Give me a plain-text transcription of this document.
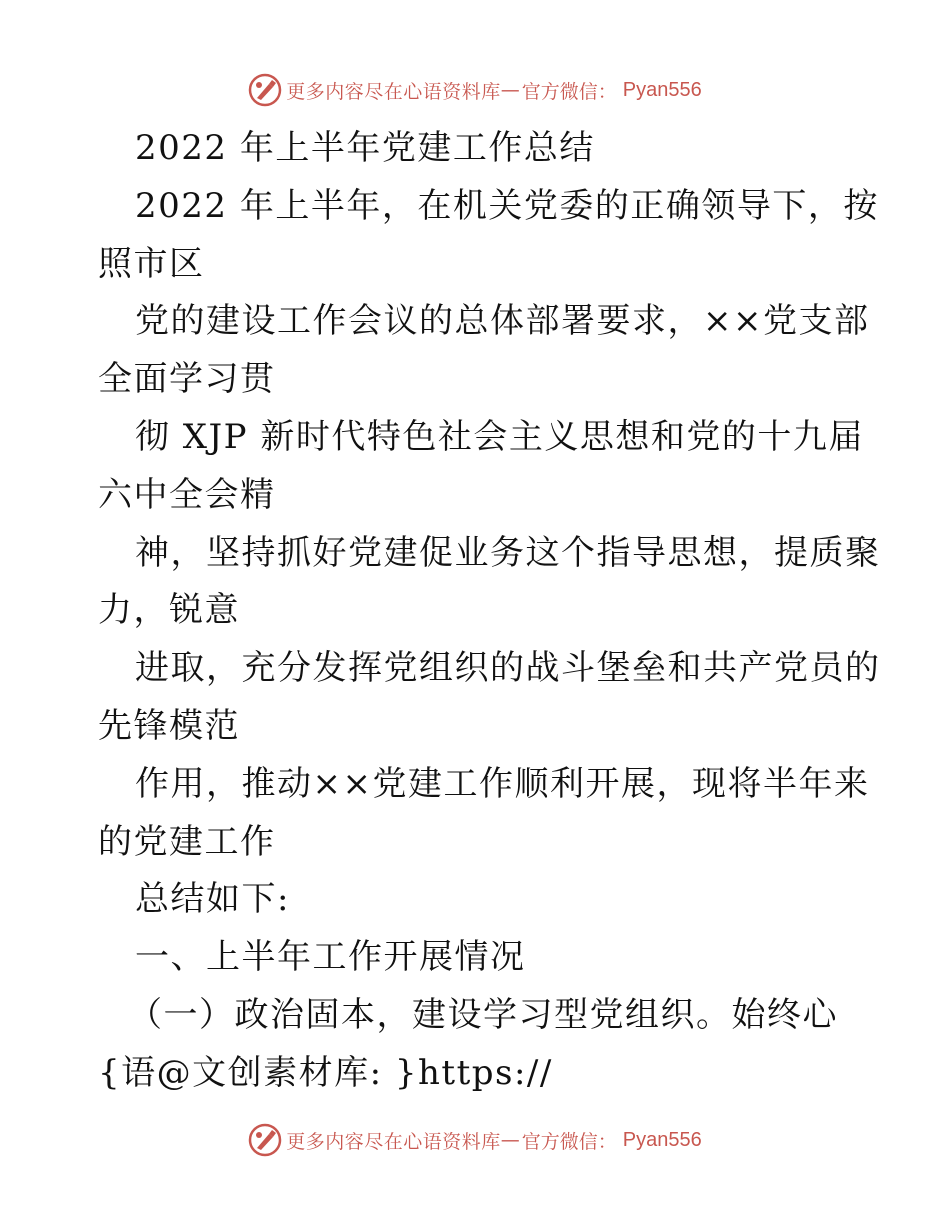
更多内容尽在心语资料库 — 官方微信： Pyan556
2022 年上半年党建工作总结
2022 年上半年，在机关党委的正确领导下，按
照市区
党的建设工作会议的总体部署要求，××党支部
全面学习贯
彻 XJP 新时代特色社会主义思想和党的十九届
六中全会精
神，坚持抓好党建促业务这个指导思想，提质聚
力，锐意
进取，充分发挥党组织的战斗堡垒和共产党员的
先锋模范
作用，推动××党建工作顺利开展，现将半年来
的党建工作
总结如下:
一、上半年工作开展情况
（一）政治固本，建设学习型党组织。始终心
{语@文创素材库: }https://
更多内容尽在心语资料库 — 官方微信： Pyan556
